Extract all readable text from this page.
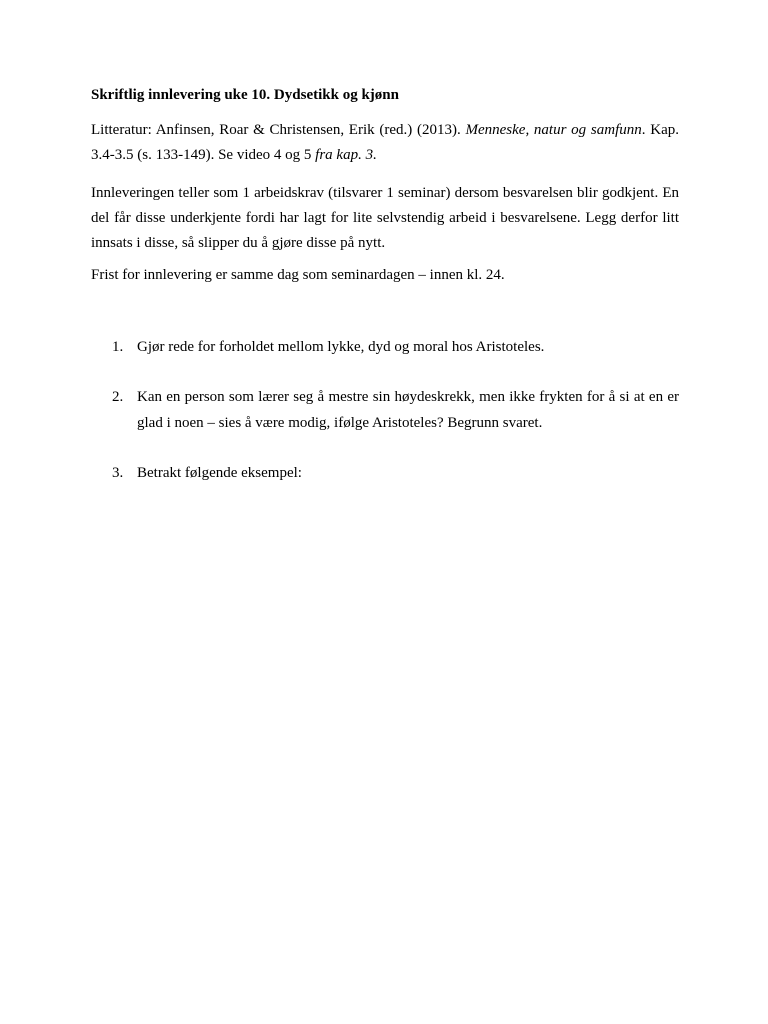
Skriftlig innlevering uke 10. Dydsetikk og kjønn

Litteratur: Anfinsen, Roar & Christensen, Erik (red.) (2013). Menneske, natur og samfunn. Kap. 3.4-3.5 (s. 133-149). Se video 4 og 5 fra kap. 3.

Innleveringen teller som 1 arbeidskrav (tilsvarer 1 seminar) dersom besvarelsen blir godkjent. En del får disse underkjente fordi har lagt for lite selvstendig arbeid i besvarelsene. Legg derfor litt innsats i disse, så slipper du å gjøre disse på nytt.

Frist for innlevering er samme dag som seminardagen – innen kl. 24.

1. Gjør rede for forholdet mellom lykke, dyd og moral hos Aristoteles.
2. Kan en person som lærer seg å mestre sin høydeskrekk, men ikke frykten for å si at en er glad i noen – sies å være modig, ifølge Aristoteles? Begrunn svaret.
3. Betrakt følgende eksempel:
